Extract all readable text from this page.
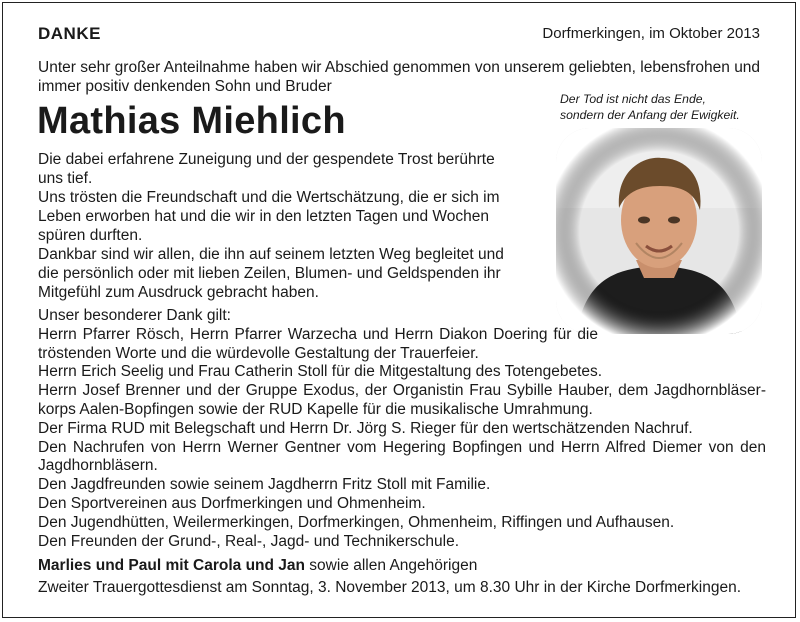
DANKE	Dorfmerkingen, im Oktober 2013
Unter sehr großer Anteilnahme haben wir Abschied genommen von unserem geliebten, lebensfrohen und immer positiv denkenden Sohn und Bruder
Mathias Miehlich
Der Tod ist nicht das Ende,
sondern der Anfang der Ewigkeit.

Die dabei erfahrene Zuneigung und der gespendete Trost berührte uns tief.

Uns trösten die Freundschaft und die Wertschätzung, die er sich im Leben erworben hat und die wir in den letzten Tagen und Wochen spüren durften.

Dankbar sind wir allen, die ihn auf seinem letzten Weg begleitet und die persönlich oder mit lieben Zeilen, Blumen- und Geldspenden ihr Mitgefühl zum Ausdruck gebracht haben.

Unser besonderer Dank gilt:

Herrn Pfarrer Rösch, Herrn Pfarrer Warzecha und Herrn Diakon Doering für die tröstenden Worte und die würdevolle Gestaltung der Trauerfeier.

Herrn Erich Seelig und Frau Catherin Stoll für die Mitgestaltung des Totengebetes.

Herrn Josef Brenner und der Gruppe Exodus, der Organistin Frau Sybille Hauber, dem Jagdhornbläser- korps Aalen-Bopfingen sowie der RUD Kapelle für die musikalische Umrahmung.

Der Firma RUD mit Belegschaft und Herrn Dr. Jörg S. Rieger für den wertschätzenden Nachruf.

Den Nachrufen von Herrn Werner Gentner vom Hegering Bopfingen und Herrn Alfred Diemer von den Jagdhornbläsern.

Den Jagdfreunden sowie seinem Jagdherrn Fritz Stoll mit Familie.

Den Sportvereinen aus Dorfmerkingen und Ohmenheim.

Den Jugendhütten, Weilermerkingen, Dorfmerkingen, Ohmenheim, Riffingen und Aufhausen.

Den Freunden der Grund-, Real-, Jagd- und Technikerschule.

Marlies und Paul mit Carola und Jan sowie allen Angehörigen
Zweiter Trauergottesdienst am Sonntag, 3. November 2013, um 8.30 Uhr in der Kirche Dorfmerkingen.
